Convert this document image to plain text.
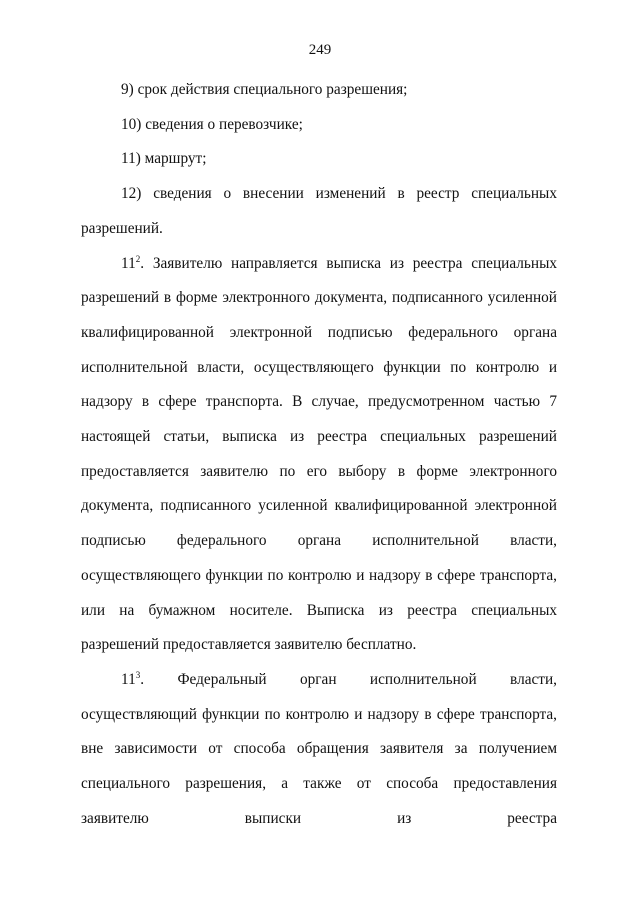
249

9) срок действия специального разрешения;

10) сведения о перевозчике;

11) маршрут;

12) сведения о внесении изменений в реестр специальных разрешений.

$11^2$. Заявителю направляется выписка из реестра специальных разрешений в форме электронного документа, подписанного усиленной квалифицированной электронной подписью федерального органа исполнительной власти, осуществляющего функции по контролю и надзору в сфере транспорта. В случае, предусмотренном частью 7 настоящей статьи, выписка из реестра специальных разрешений предоставляется заявителю по его выбору в форме электронного документа, подписанного усиленной квалифицированной электронной подписью федерального органа исполнительной власти, осуществляющего функции по контролю и надзору в сфере транспорта, или на бумажном носителе. Выписка из реестра специальных разрешений предоставляется заявителю бесплатно.

$11^3$. Федеральный орган исполнительной власти, осуществляющий функции по контролю и надзору в сфере транспорта, вне зависимости от способа обращения заявителя за получением специального разрешения, а также от способа предоставления заявителю выписки из реестра
